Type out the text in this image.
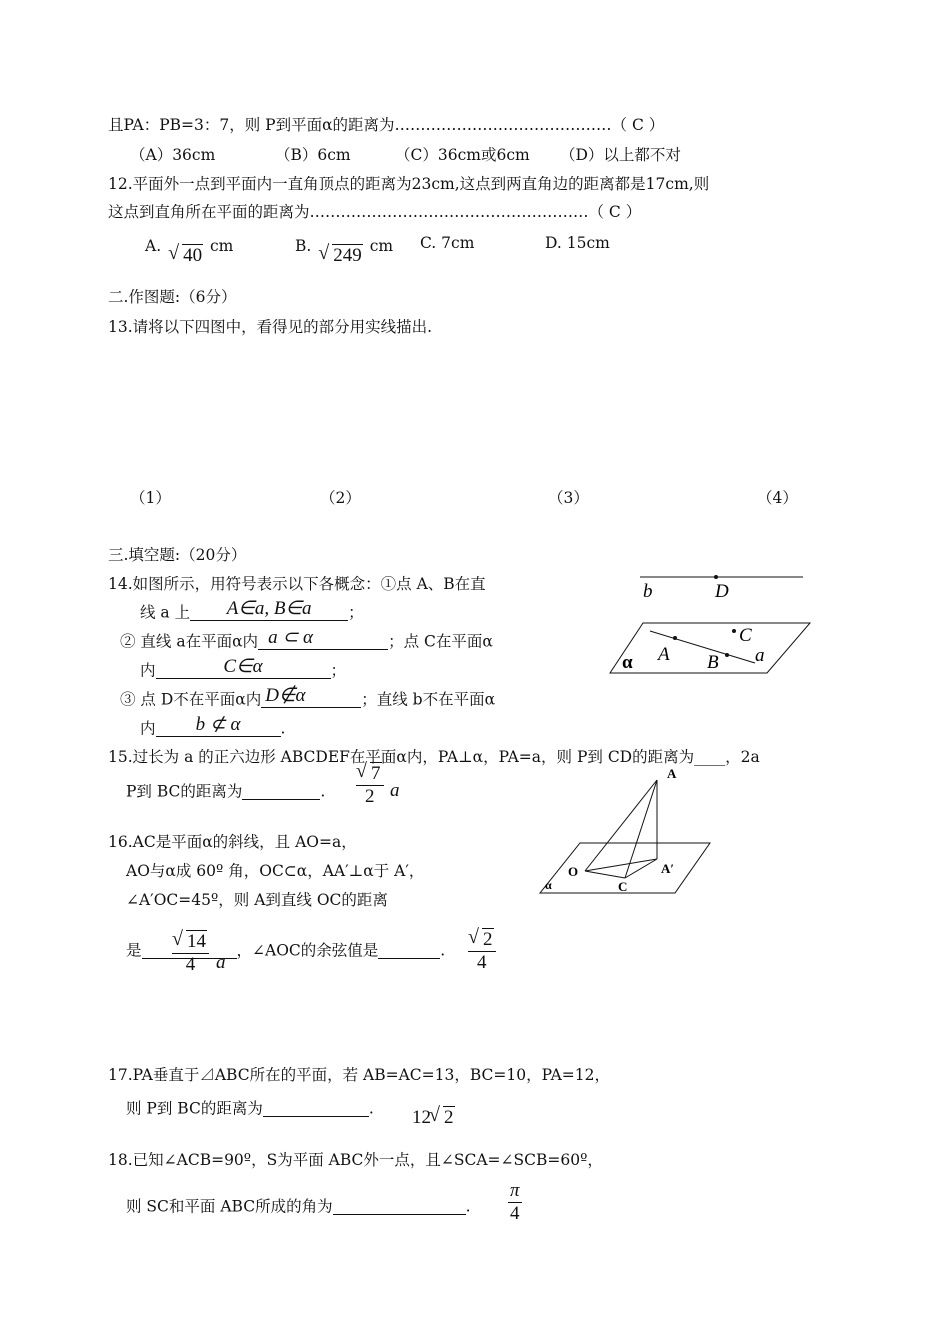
且PA：PB=3：7，则 P到平面α的距离为……………………………………（ C ）
（A）36cm	（B）6cm	（C）36cm或6cm （D）以上都不对
12.平面外一点到平面内一直角顶点的距离为23cm,这点到两直角边的距离都是17cm,则
这点到直角所在平面的距离为………………………………………………（ C ）
A. √ 40 cm	B. √ 249 cm C. 7cm	D. 15cm
二.作图题:（6分）
13.请将以下四图中，看得见的部分用实线描出.
（1）	（2）	（3）	（4）
三.填空题:（20分）
14.如图所示，用符号表示以下各概念：①点 A、B在直
线 a 上	A∈a, B∈a	；
② 直线 a在平面α内 a ⊂ α	；点 C在平面α
内	C∈α	；
③ 点 D不在平面α内 D∉α	；直线 b不在平面α
内	b ⊄ α	.
b	D
C
A B a
α
15.过长为 a 的正六边形 ABCDEF在平面α内，PA⊥α，PA=a，则 P到 CD的距离为____，2a
P到 BC的距离为	.
√ 7
2 a
16.AC是平面α的斜线，且 AO=a，
AO与α成 60º 角，OC⊂α，AA′⊥α于 A′，
∠A′OC=45º，则 A到直线 OC的距离
是	，∠AOC的余弦值是	.
√ 14
4	a
√ 2
4
A
A′
O
C
α
17.PA垂直于⊿ABC所在的平面，若 AB=AC=13，BC=10，PA=12，
则 P到 BC的距离为	. 12 √ 2
18.已知∠ACB=90º，S为平面 ABC外一点，且∠SCA=∠SCB=60º，
则 SC和平面 ABC所成的角为	.
π
4
